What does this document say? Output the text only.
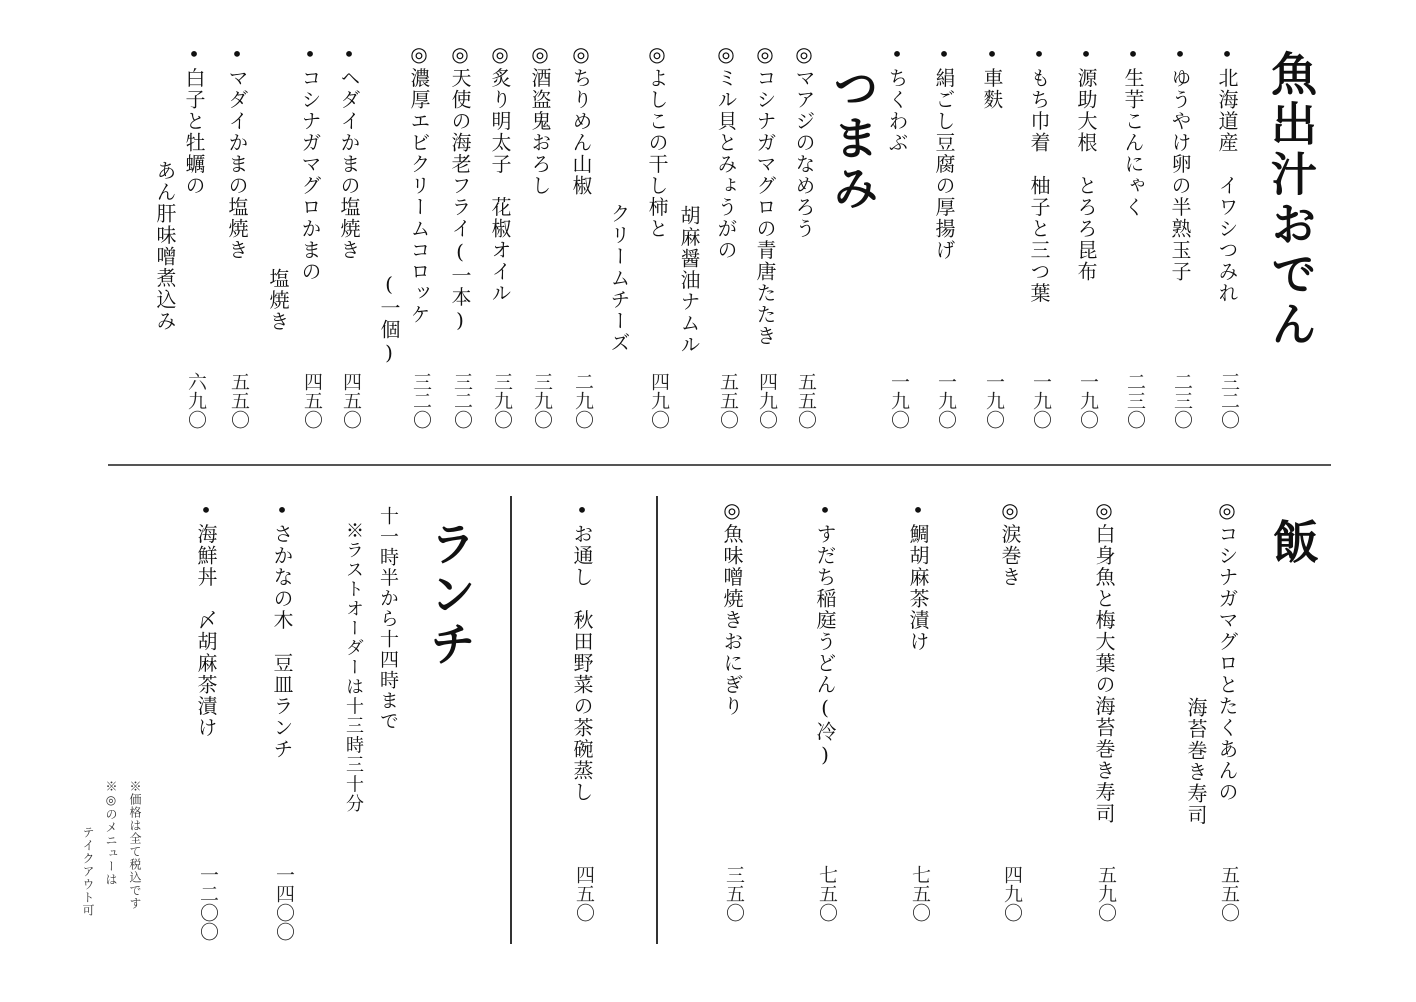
魚出汁おでん
•北海道産　イワシつみれ
三二〇
•ゆうやけ卵の半熟玉子
二三〇
•生芋こんにゃく
二三〇
•源助大根　とろろ昆布
一九〇
•もち巾着　柚子と三つ葉
一九〇
•車麩
一九〇
•絹ごし豆腐の厚揚げ
一九〇
•ちくわぶ
一九〇
つまみ
◎マアジのなめろう
五五〇
◎コシナガマグロの青唐たたき
四九〇
◎ミル貝とみょうがの
胡麻醤油ナムル
五五〇
◎よしこの干し柿と
クリームチーズ
四九〇
◎ちりめん山椒
二九〇
◎酒盗鬼おろし
三九〇
◎炙り明太子　花椒オイル
三九〇
◎天使の海老フライ(一本)
三二〇
◎濃厚エビクリームコロッケ
(一個)
三二〇
•ヘダイかまの塩焼き
四五〇
•コシナガマグロかまの
塩焼き
四五〇
•マダイかまの塩焼き
五五〇
•白子と牡蠣の
あん肝味噌煮込み
六九〇
飯
◎コシナガマグロとたくあんの
海苔巻き寿司
五五〇
◎白身魚と梅大葉の海苔巻き寿司
五九〇
◎涙巻き
四九〇
•鯛胡麻茶漬け
七五〇
•すだち稲庭うどん(冷)
七五〇
◎魚味噌焼きおにぎり
三五〇
•お通し　秋田野菜の茶碗蒸し
四五〇
ランチ
十一時半から十四時まで
※ラストオーダーは十三時三十分
•さかなの木　豆皿ランチ
一四〇〇
•海鮮丼　〆胡麻茶漬け
一二〇〇
※価格は全て税込です
※◎のメニューは
テイクアウト可
